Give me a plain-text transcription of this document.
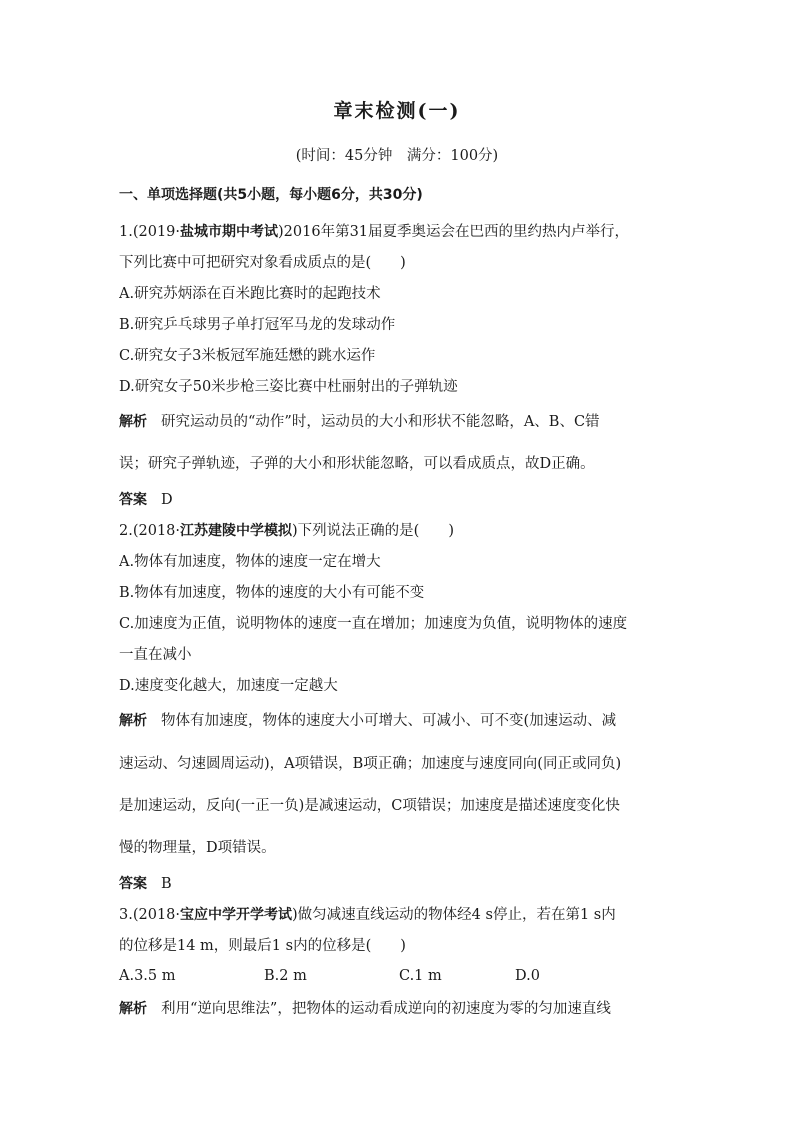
章末检测(一)
(时间：45分钟　满分：100分)
一、单项选择题(共5小题，每小题6分，共30分)
1.(2019·盐城市期中考试)2016年第31届夏季奥运会在巴西的里约热内卢举行，
下列比赛中可把研究对象看成质点的是(　　)
A.研究苏炳添在百米跑比赛时的起跑技术
B.研究乒乓球男子单打冠军马龙的发球动作
C.研究女子3米板冠军施廷懋的跳水运作
D.研究女子50米步枪三姿比赛中杜丽射出的子弹轨迹
解析 研究运动员的“动作”时，运动员的大小和形状不能忽略，A、B、C错
误；研究子弹轨迹，子弹的大小和形状能忽略，可以看成质点，故D正确。
答案 D
2.(2018·江苏建陵中学模拟)下列说法正确的是(　　)
A.物体有加速度，物体的速度一定在增大
B.物体有加速度，物体的速度的大小有可能不变
C.加速度为正值，说明物体的速度一直在增加；加速度为负值，说明物体的速度
一直在减小
D.速度变化越大，加速度一定越大
解析 物体有加速度，物体的速度大小可增大、可减小、可不变(加速运动、减
速运动、匀速圆周运动)，A项错误，B项正确；加速度与速度同向(同正或同负)
是加速运动，反向(一正一负)是减速运动，C项错误；加速度是描述速度变化快
慢的物理量，D项错误。
答案 B
3.(2018·宝应中学开学考试)做匀减速直线运动的物体经4 s停止，若在第1 s内
的位移是14 m，则最后1 s内的位移是(　　)
A.3.5 m	B.2 m	C.1 m	D.0
解析 利用“逆向思维法”，把物体的运动看成逆向的初速度为零的匀加速直线
